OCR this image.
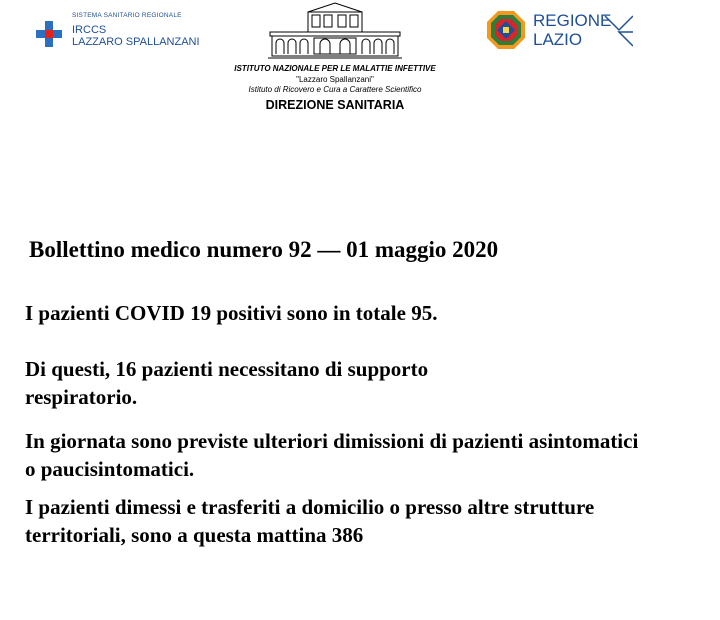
SISTEMA SANITARIO REGIONALE
IRCCS
LAZZARO SPALLANZANI
ISTITUTO NAZIONALE PER LE MALATTIE INFETTIVE
"Lazzaro Spallanzani"
Istituto di Ricovero e Cura a Carattere Scientifico
DIREZIONE SANITARIA
REGIONE
LAZIO
Bollettino medico numero 92 — 01 maggio 2020
I pazienti COVID 19 positivi sono in totale 95.
Di questi, 16 pazienti necessitano di supporto respiratorio.
In giornata sono previste ulteriori dimissioni di pazienti asintomatici o paucisintomatici.
I pazienti dimessi e trasferiti a domicilio o presso altre strutture territoriali, sono a questa mattina 386
